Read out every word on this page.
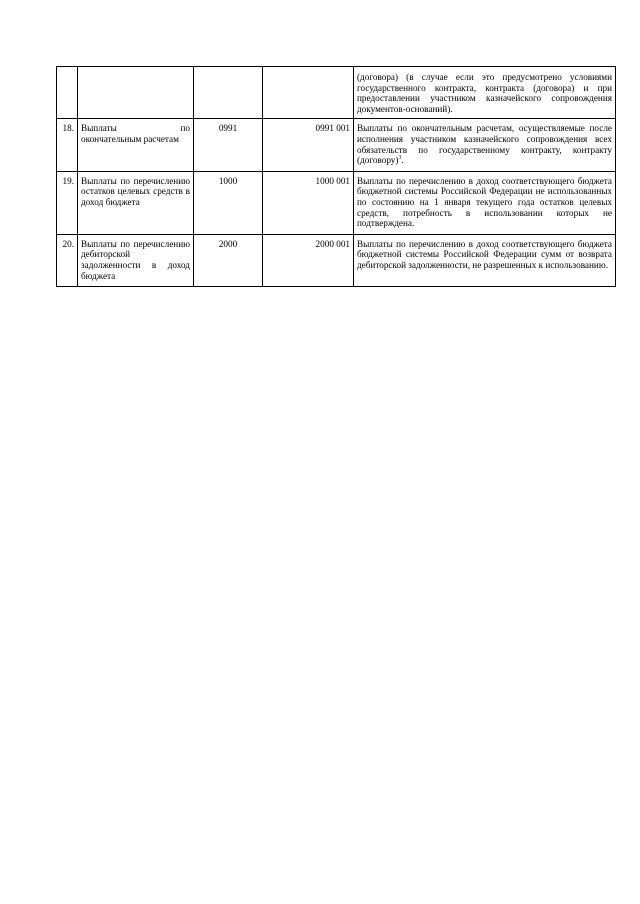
				(договора) (в случае если это предусмотрено условиями государственного контракта, контракта (договора) и при предоставлении участником казначейского сопровождения документов-оснований).
18.	Выплаты по окончательным расчетам	0991	0991 001	Выплаты по окончательным расчетам, осуществляемые после исполнения участником казначейского сопровождения всех обязательств по государственному контракту, контракту (договору)$^3$.
19.	Выплаты по перечислению остатков целевых средств в доход бюджета	1000	1000 001	Выплаты по перечислению в доход соответствующего бюджета бюджетной системы Российской Федерации не использованных по состоянию на 1 января текущего года остатков целевых средств, потребность в использовании которых не подтверждена.
20.	Выплаты по перечислению дебиторской задолженности в доход бюджета	2000	2000 001	Выплаты по перечислению в доход соответствующего бюджета бюджетной системы Российской Федерации сумм от возврата дебиторской задолженности, не разрешенных к использованию.
